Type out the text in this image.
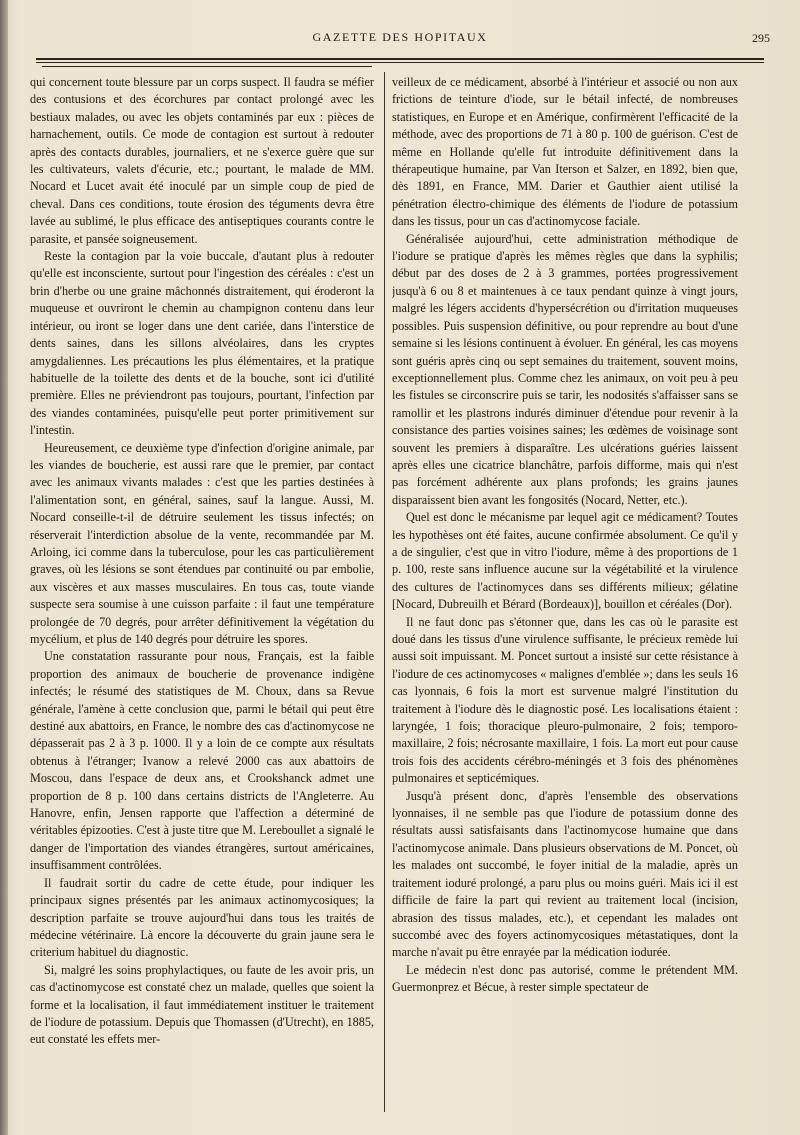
GAZETTE DES HOPITAUX	295

qui concernent toute blessure par un corps suspect. Il faudra se méfier des contusions et des écorchures par contact prolongé avec les bestiaux malades, ou avec les objets contaminés par eux : pièces de harnachement, outils. Ce mode de contagion est surtout à redouter après des contacts durables, journaliers, et ne s'exerce guère que sur les cultivateurs, valets d'écurie, etc.; pourtant, le malade de MM. Nocard et Lucet avait été inoculé par un simple coup de pied de cheval. Dans ces conditions, toute érosion des téguments devra être lavée au sublimé, le plus efficace des antiseptiques courants contre le parasite, et pansée soigneusement.

Reste la contagion par la voie buccale, d'autant plus à redouter qu'elle est inconsciente, surtout pour l'ingestion des céréales : c'est un brin d'herbe ou une graine mâchonnés distraitement, qui éroderont la muqueuse et ouvriront le chemin au champignon contenu dans leur intérieur, ou iront se loger dans une dent cariée, dans l'interstice de dents saines, dans les sillons alvéolaires, dans les cryptes amygdaliennes. Les précautions les plus élémentaires, et la pratique habituelle de la toilette des dents et de la bouche, sont ici d'utilité première. Elles ne préviendront pas toujours, pourtant, l'infection par des viandes contaminées, puisqu'elle peut porter primitivement sur l'intestin.

Heureusement, ce deuxième type d'infection d'origine animale, par les viandes de boucherie, est aussi rare que le premier, par contact avec les animaux vivants malades : c'est que les parties destinées à l'alimentation sont, en général, saines, sauf la langue. Aussi, M. Nocard conseille-t-il de détruire seulement les tissus infectés; on réserverait l'interdiction absolue de la vente, recommandée par M. Arloing, ici comme dans la tuberculose, pour les cas particulièrement graves, où les lésions se sont étendues par continuité ou par embolie, aux viscères et aux masses musculaires. En tous cas, toute viande suspecte sera soumise à une cuisson parfaite : il faut une température prolongée de 70 degrés, pour arrêter définitivement la végétation du mycélium, et plus de 140 degrés pour détruire les spores.

Une constatation rassurante pour nous, Français, est la faible proportion des animaux de boucherie de provenance indigène infectés; le résumé des statistiques de M. Choux, dans sa Revue générale, l'amène à cette conclusion que, parmi le bétail qui peut être destiné aux abattoirs, en France, le nombre des cas d'actinomycose ne dépasserait pas 2 à 3 p. 1000. Il y a loin de ce compte aux résultats obtenus à l'étranger; Ivanow a relevé 2000 cas aux abattoirs de Moscou, dans l'espace de deux ans, et Crookshanck admet une proportion de 8 p. 100 dans certains districts de l'Angleterre. Au Hanovre, enfin, Jensen rapporte que l'affection a déterminé de véritables épizooties. C'est à juste titre que M. Lereboullet a signalé le danger de l'importation des viandes étrangères, surtout américaines, insuffisamment contrôlées.

Il faudrait sortir du cadre de cette étude, pour indiquer les principaux signes présentés par les animaux actinomycosiques; la description parfaite se trouve aujourd'hui dans tous les traités de médecine vétérinaire. Là encore la découverte du grain jaune sera le criterium habituel du diagnostic.

Si, malgré les soins prophylactiques, ou faute de les avoir pris, un cas d'actinomycose est constaté chez un malade, quelles que soient la forme et la localisation, il faut immédiatement instituer le traitement de l'iodure de potassium. Depuis que Thomassen (d'Utrecht), en 1885, eut constaté les effets mer-

veilleux de ce médicament, absorbé à l'intérieur et associé ou non aux frictions de teinture d'iode, sur le bétail infecté, de nombreuses statistiques, en Europe et en Amérique, confirmèrent l'efficacité de la méthode, avec des proportions de 71 à 80 p. 100 de guérison. C'est de même en Hollande qu'elle fut introduite définitivement dans la thérapeutique humaine, par Van Iterson et Salzer, en 1892, bien que, dès 1891, en France, MM. Darier et Gauthier aient utilisé la pénétration électro-chimique des éléments de l'iodure de potassium dans les tissus, pour un cas d'actinomycose faciale.

Généralisée aujourd'hui, cette administration méthodique de l'iodure se pratique d'après les mêmes règles que dans la syphilis; début par des doses de 2 à 3 grammes, portées progressivement jusqu'à 6 ou 8 et maintenues à ce taux pendant quinze à vingt jours, malgré les légers accidents d'hypersécrétion ou d'irritation muqueuses possibles. Puis suspension définitive, ou pour reprendre au bout d'une semaine si les lésions continuent à évoluer. En général, les cas moyens sont guéris après cinq ou sept semaines du traitement, souvent moins, exceptionnellement plus. Comme chez les animaux, on voit peu à peu les fistules se circonscrire puis se tarir, les nodosités s'affaisser sans se ramollir et les plastrons indurés diminuer d'étendue pour revenir à la consistance des parties voisines saines; les œdèmes de voisinage sont souvent les premiers à disparaître. Les ulcérations guéries laissent après elles une cicatrice blanchâtre, parfois difforme, mais qui n'est pas forcément adhérente aux plans profonds; les grains jaunes disparaissent bien avant les fongosités (Nocard, Netter, etc.).

Quel est donc le mécanisme par lequel agit ce médicament? Toutes les hypothèses ont été faites, aucune confirmée absolument. Ce qu'il y a de singulier, c'est que in vitro l'iodure, même à des proportions de 1 p. 100, reste sans influence aucune sur la végétabilité et la virulence des cultures de l'actinomyces dans ses différents milieux; gélatine [Nocard, Dubreuilh et Bérard (Bordeaux)], bouillon et céréales (Dor).

Il ne faut donc pas s'étonner que, dans les cas où le parasite est doué dans les tissus d'une virulence suffisante, le précieux remède lui aussi soit impuissant. M. Poncet surtout a insisté sur cette résistance à l'iodure de ces actinomycoses « malignes d'emblée »; dans les seuls 16 cas lyonnais, 6 fois la mort est survenue malgré l'institution du traitement à l'iodure dès le diagnostic posé. Les localisations étaient : laryngée, 1 fois; thoracique pleuro-pulmonaire, 2 fois; temporo-maxillaire, 2 fois; nécrosante maxillaire, 1 fois. La mort eut pour cause trois fois des accidents cérébro-méningés et 3 fois des phénomènes pulmonaires et septicémiques.

Jusqu'à présent donc, d'après l'ensemble des observations lyonnaises, il ne semble pas que l'iodure de potassium donne des résultats aussi satisfaisants dans l'actinomycose humaine que dans l'actinomycose animale. Dans plusieurs observations de M. Poncet, où les malades ont succombé, le foyer initial de la maladie, après un traitement ioduré prolongé, a paru plus ou moins guéri. Mais ici il est difficile de faire la part qui revient au traitement local (incision, abrasion des tissus malades, etc.), et cependant les malades ont succombé avec des foyers actinomycosiques métastatiques, dont la marche n'avait pu être enrayée par la médication iodurée.

Le médecin n'est donc pas autorisé, comme le prétendent MM. Guermonprez et Bécue, à rester simple spectateur de
